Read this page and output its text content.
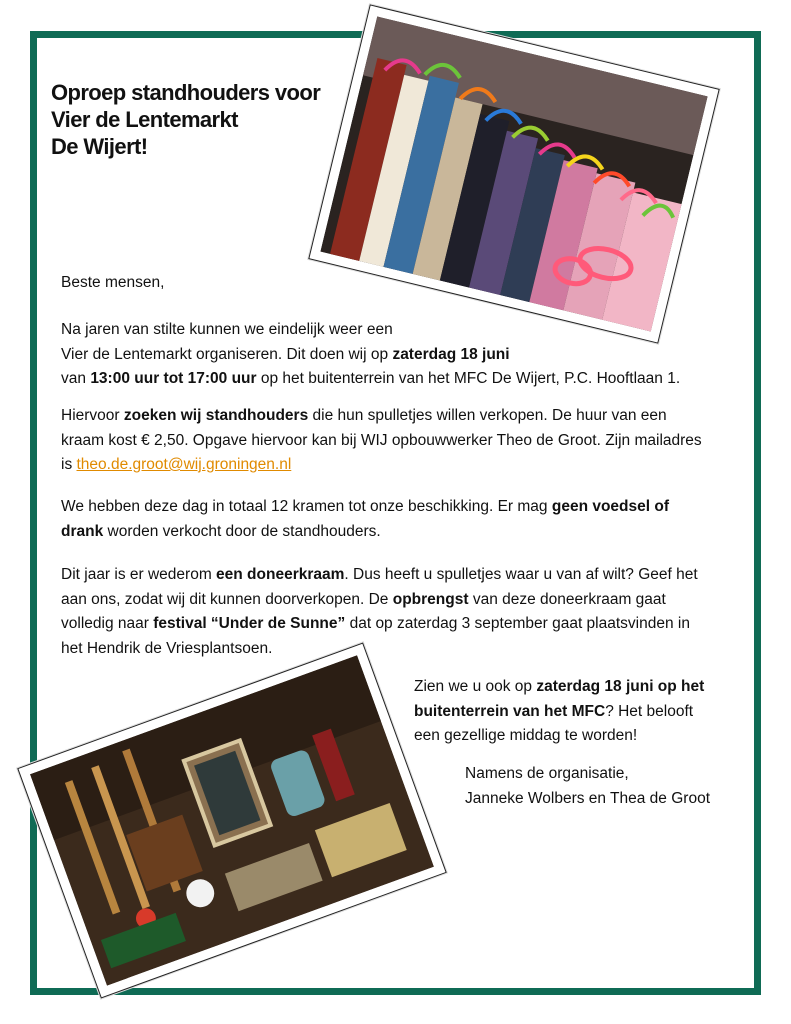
Oproep standhouders voor
Vier de Lentemarkt
De Wijert!
Beste mensen,
Na jaren van stilte kunnen we eindelijk weer een
Vier de Lentemarkt organiseren. Dit doen wij op zaterdag 18 juni
van 13:00 uur tot 17:00 uur op het buitenterrein van het MFC De Wijert, P.C. Hooftlaan 1.
Hiervoor zoeken wij standhouders die hun spulletjes willen verkopen. De huur van een
kraam kost € 2,50. Opgave hiervoor kan bij WIJ opbouwwerker Theo de Groot. Zijn mailadres
is theo.de.groot@wij.groningen.nl
We hebben deze dag in totaal 12 kramen tot onze beschikking. Er mag geen voedsel of
drank worden verkocht door de standhouders.
Dit jaar is er wederom een doneerkraam. Dus heeft u spulletjes waar u van af wilt? Geef het
aan ons, zodat wij dit kunnen doorverkopen. De opbrengst van deze doneerkraam gaat
volledig naar festival “Under de Sunne” dat op zaterdag 3 september gaat plaatsvinden in
het Hendrik de Vriesplantsoen.
Zien we u ook op zaterdag 18 juni op het
buitenterrein van het MFC? Het belooft
een gezellige middag te worden!
Namens de organisatie,
Janneke Wolbers en Thea de Groot
